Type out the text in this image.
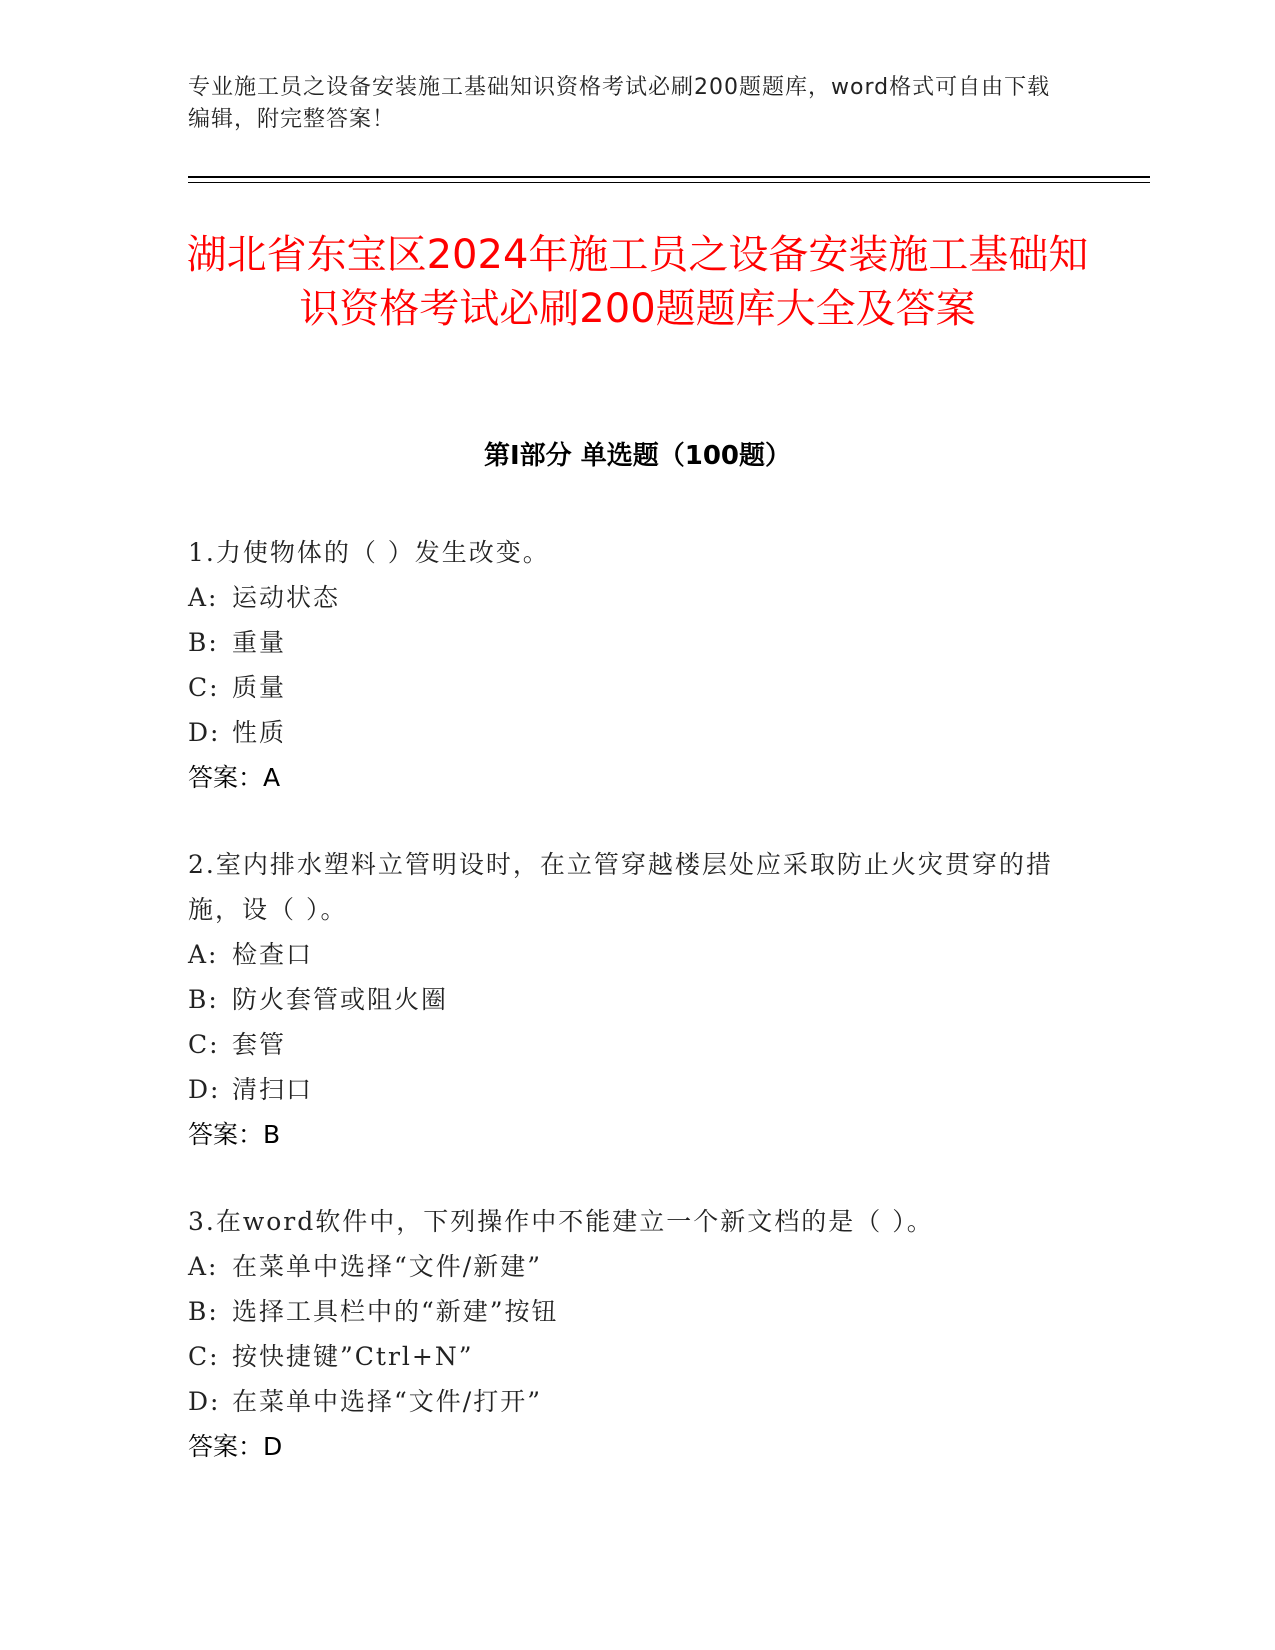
专业施工员之设备安装施工基础知识资格考试必刷200题题库，word格式可自由下载编辑，附完整答案！
湖北省东宝区2024年施工员之设备安装施工基础知识资格考试必刷200题题库大全及答案
第I部分 单选题（100题）
1.力使物体的（ ）发生改变。
A: 运动状态
B: 重量
C: 质量
D: 性质
答案：A
2.室内排水塑料立管明设时，在立管穿越楼层处应采取防止火灾贯穿的措施，设（ ）。
A: 检查口
B: 防火套管或阻火圈
C: 套管
D: 清扫口
答案：B
3.在word软件中，下列操作中不能建立一个新文档的是（ ）。
A: 在菜单中选择“文件/新建”
B: 选择工具栏中的“新建”按钮
C: 按快捷键”Ctrl+N”
D: 在菜单中选择“文件/打开”
答案：D
